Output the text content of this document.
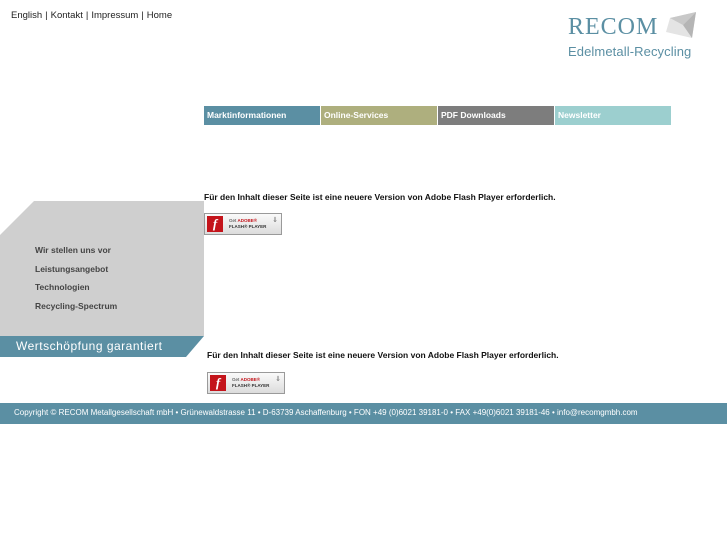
English | Kontakt | Impressum | Home	RECOM
Edelmetall-Recycling
Marktinformationen	Online-Services	PDF Downloads	Newsletter
Für den Inhalt dieser Seite ist eine neuere Version von Adobe Flash Player erforderlich.
f	Get ADOBE®
FLASH® PLAYER
⇓
Wir stellen uns vor
Leistungsangebot
Technologien
Recycling-Spectrum
Wertschöpfung garantiert
Für den Inhalt dieser Seite ist eine neuere Version von Adobe Flash Player erforderlich.
f	Get ADOBE®
FLASH® PLAYER
⇓
Copyright © RECOM Metallgesellschaft mbH • Grünewaldstrasse 11 • D-63739 Aschaffenburg • FON +49 (0)6021 39181-0 • FAX +49(0)6021 39181-46 • info@recomgmbh.com
